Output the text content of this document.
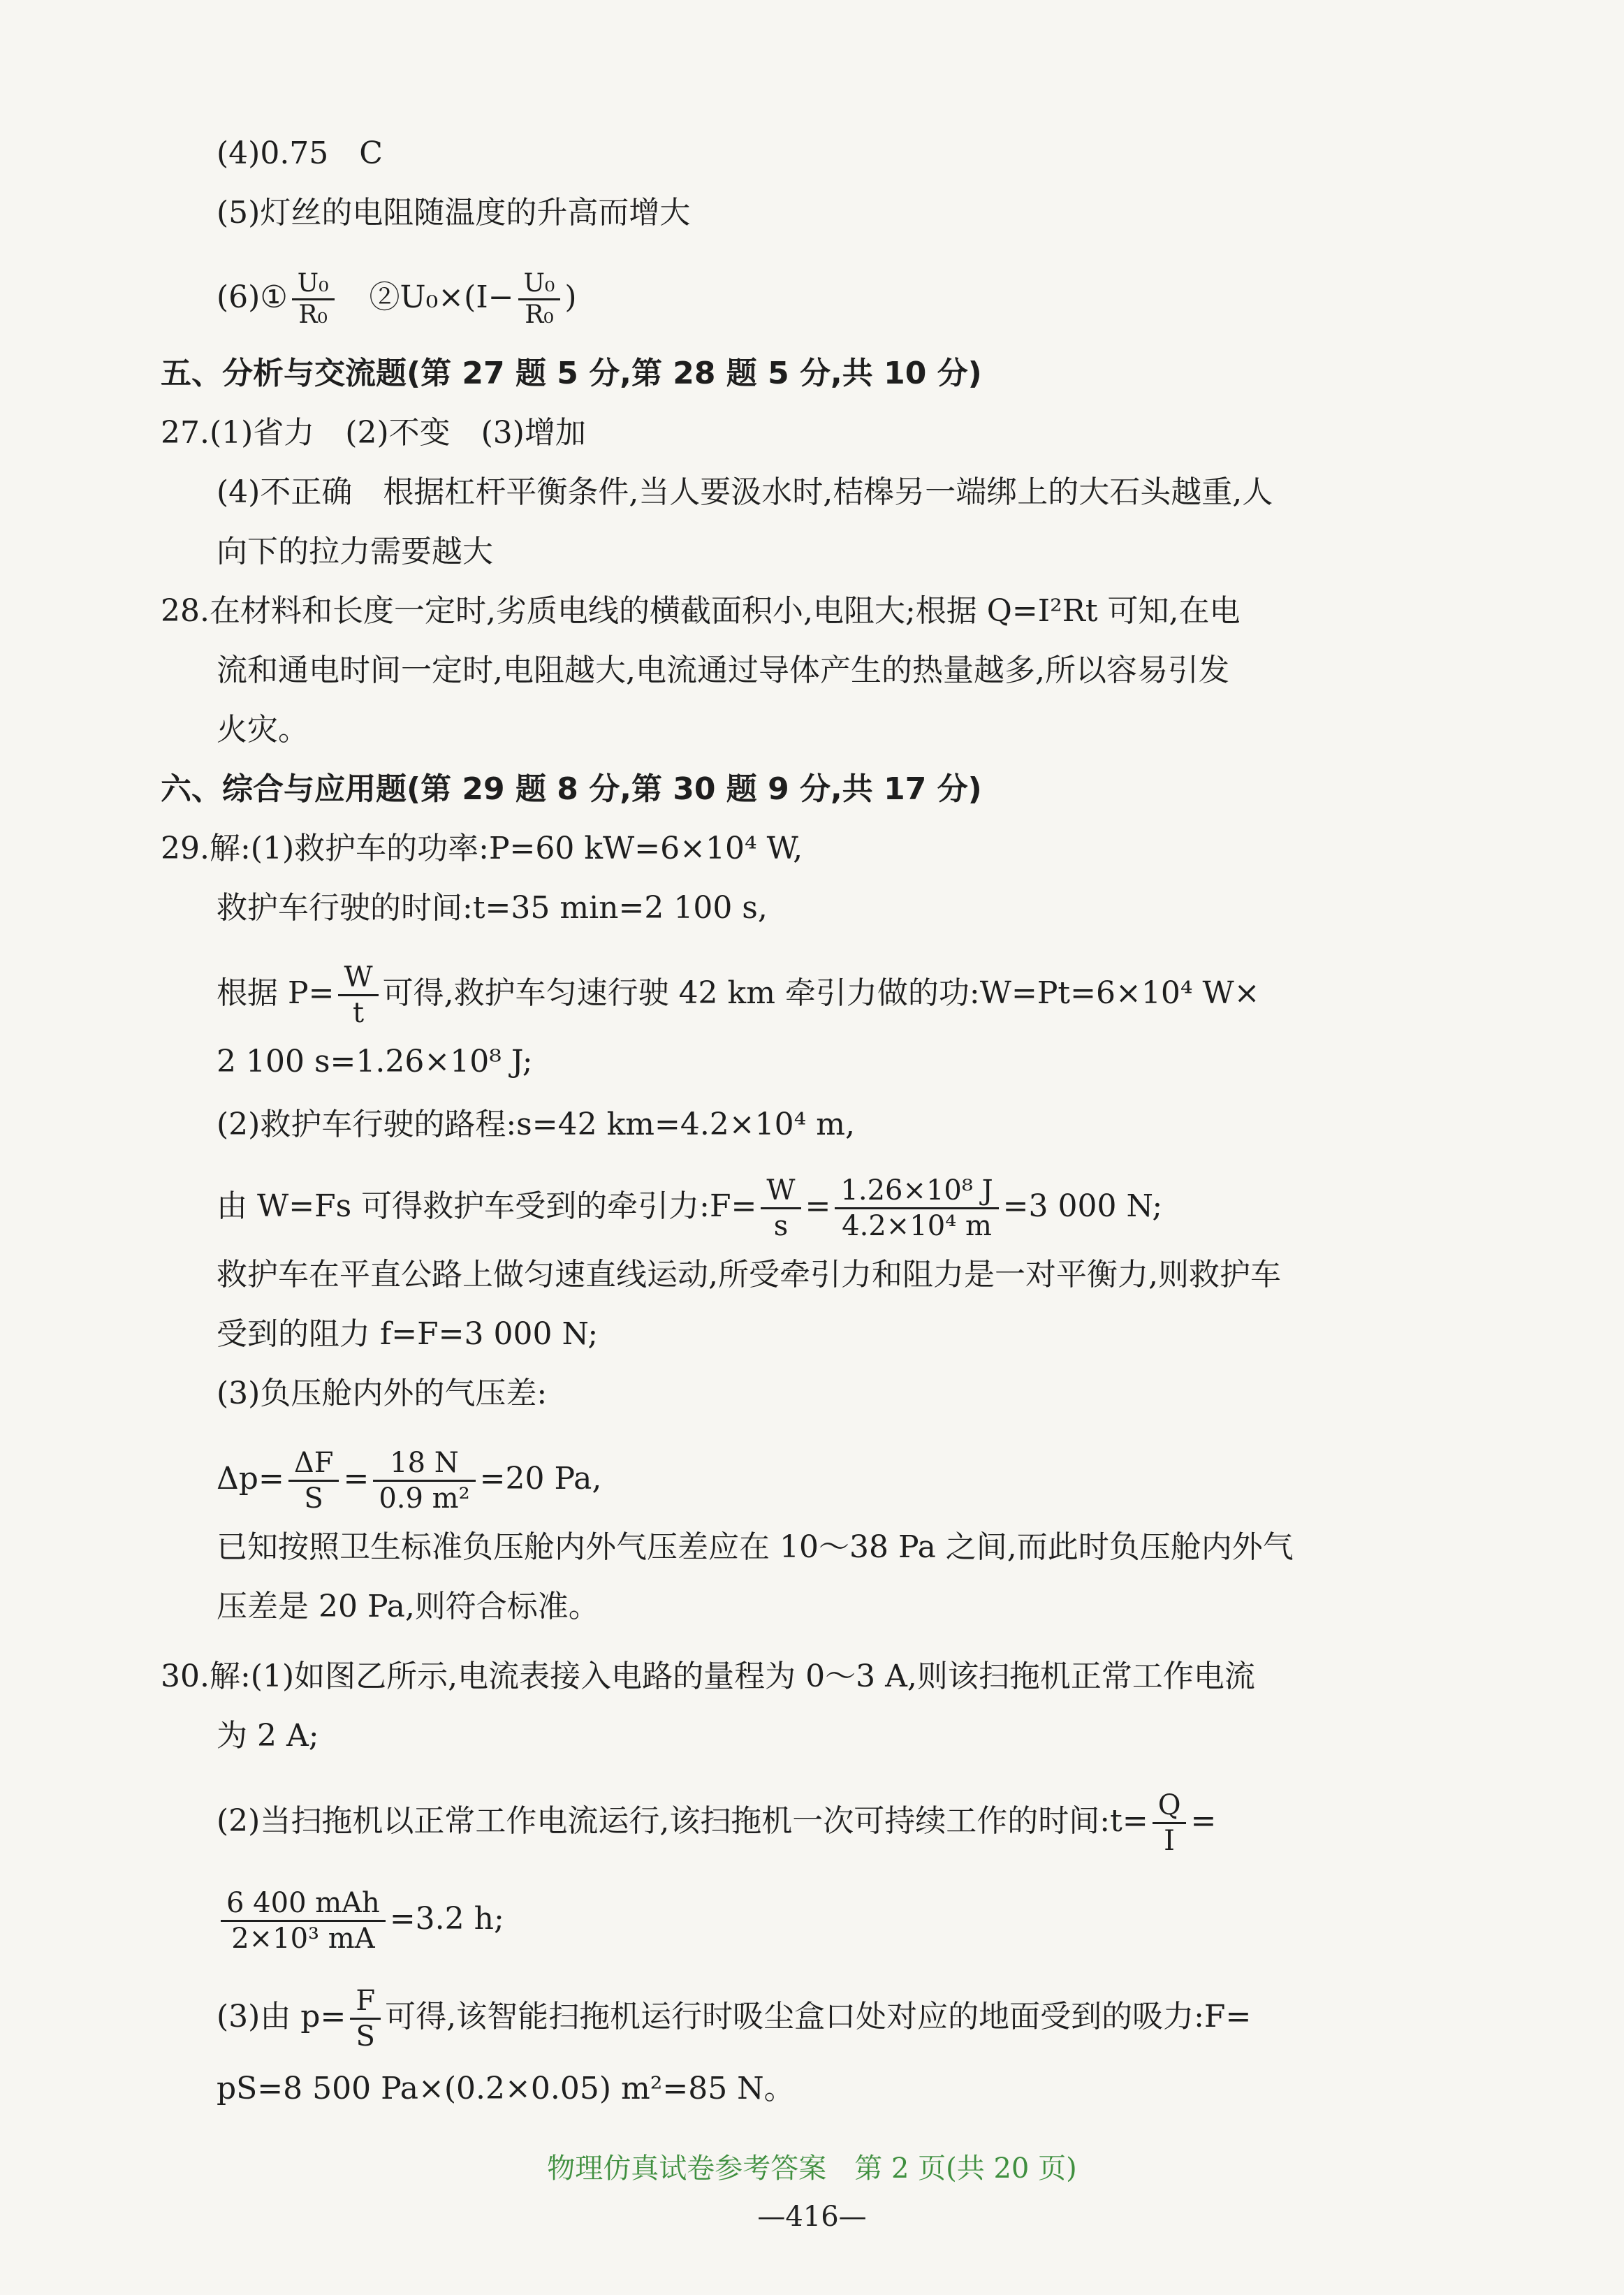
(4)0.75　C
(5)灯丝的电阻随温度的升高而增大
(6)① $\frac{\text{U₀}}{\text{R₀}}$ 　②U₀×(I− $\frac{\text{U₀}}{\text{R₀}}$ )
五、分析与交流题(第 27 题 5 分,第 28 题 5 分,共 10 分)
27.(1)省力　(2)不变　(3)增加
(4)不正确　根据杠杆平衡条件,当人要汲水时,桔槔另一端绑上的大石头越重,人
向下的拉力需要越大
28.在材料和长度一定时,劣质电线的横截面积小,电阻大;根据 Q=I²Rt 可知,在电
流和通电时间一定时,电阻越大,电流通过导体产生的热量越多,所以容易引发
火灾。
六、综合与应用题(第 29 题 8 分,第 30 题 9 分,共 17 分)
29.解:(1)救护车的功率:P=60 kW=6×10⁴ W,
救护车行驶的时间:t=35 min=2 100 s,
根据 $P= \frac{W}{t}$ 可得,救护车匀速行驶 42 km 牵引力做的功:W=Pt=6×10⁴ W×
2 100 s=1.26×10⁸ J;
(2)救护车行驶的路程:s=42 km=4.2×10⁴ m,
由 W=Fs 可得救护车受到的牵引力:F= $\frac{W}{s} = \frac{\text{1.26×10⁸ J}}{\text{4.2×10⁴ m}} =3$ 000 N;
救护车在平直公路上做匀速直线运动,所受牵引力和阻力是一对平衡力,则救护车
受到的阻力 f=F=3 000 N;
(3)负压舱内外的气压差:
$\Delta p= \frac{\Delta F}{S} = \frac{18 N}{\text{0.9 m²}} =20$ Pa,
已知按照卫生标准负压舱内外气压差应在 10～38 Pa 之间,而此时负压舱内外气
压差是 20 Pa,则符合标准。
30.解:(1)如图乙所示,电流表接入电路的量程为 0～3 A,则该扫拖机正常工作电流
为 2 A;
(2)当扫拖机以正常工作电流运行,该扫拖机一次可持续工作的时间:t= $\frac{Q}{I}$ =
$\frac{\text{6 400 mAh}}{\text{2×10³ mA}} =3.2$ h;
(3)由 $p= \frac{F}{S}$ 可得,该智能扫拖机运行时吸尘盒口处对应的地面受到的吸力:F=
pS=8 500 Pa×(0.2×0.05) m²=85 N。
物理仿真试卷参考答案　第 2 页(共 20 页)
—416—
